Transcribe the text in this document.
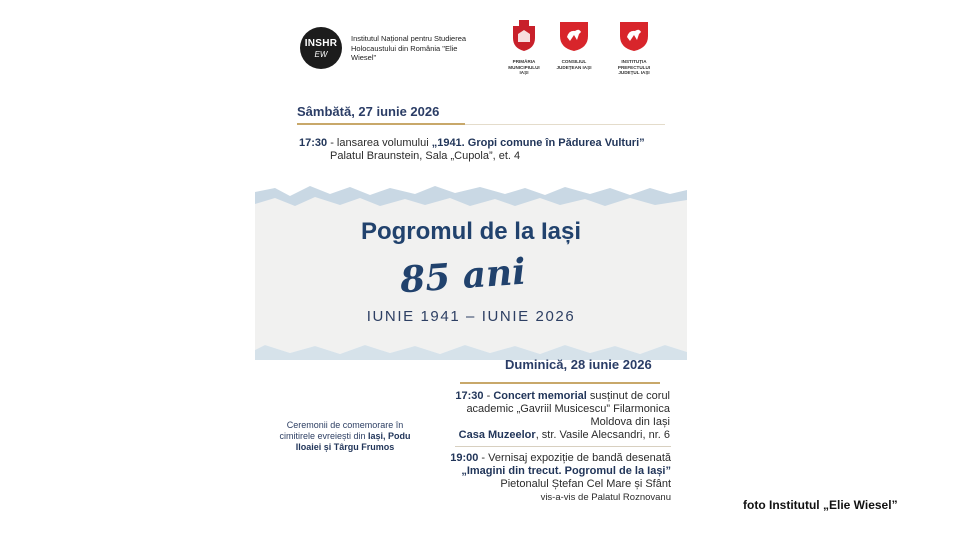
INSHR
EW
Institutul Național pentru Studierea Holocaustului din România "Elie Wiesel"	PRIMĂRIA MUNICIPIULUI IAȘI
CONSILIUL JUDEȚEAN IAȘI
INSTITUȚIA PREFECTULUI JUDEȚUL IAȘI
Sâmbătă, 27 iunie 2026
17:30 - lansarea volumului „1941. Gropi comune în Pădurea Vulturi”
Palatul Braunstein, Sala „Cupola”, et. 4
Pogromul de la Iași
85 ani
IUNIE 1941 – IUNIE 2026
Duminică, 28 iunie 2026
17:30 - Concert memorial susținut de corul
academic „Gavriil Musicescu” Filarmonica
Moldova din Iași
Casa Muzeelor, str. Vasile Alecsandri, nr. 6
19:00 - Vernisaj expoziție de bandă desenată
„Imagini din trecut. Pogromul de la Iași”
Pietonalul Ștefan Cel Mare și Sfânt
vis-a-vis de Palatul Roznovanu
Ceremonii de comemorare în cimitirele evreiești din Iași, Podu Iloaiei și Târgu Frumos
foto Institutul „Elie Wiesel”
